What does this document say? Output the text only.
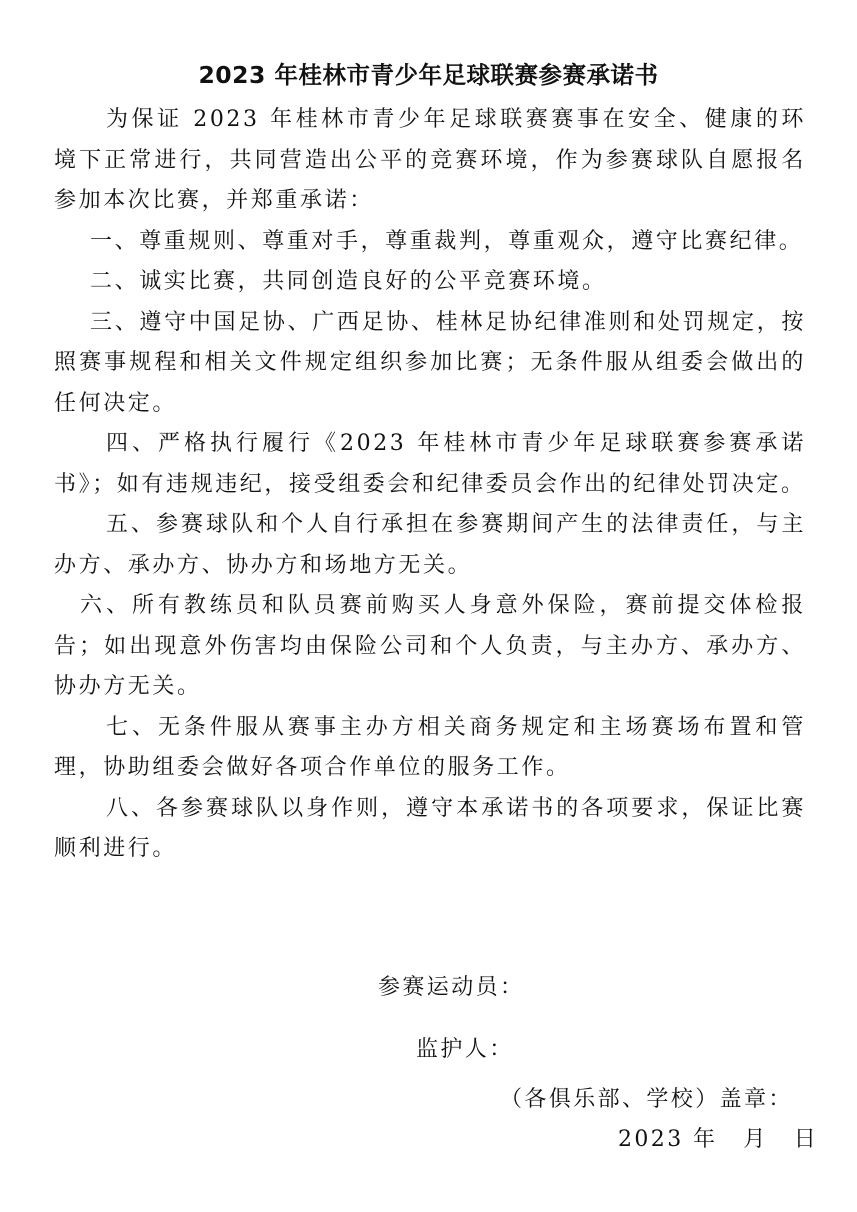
2023 年桂林市青少年足球联赛参赛承诺书

为保证 2023 年桂林市青少年足球联赛赛事在安全、健康的环境下正常进行，共同营造出公平的竞赛环境，作为参赛球队自愿报名参加本次比赛，并郑重承诺：

一、尊重规则、尊重对手，尊重裁判，尊重观众，遵守比赛纪律。

二、诚实比赛，共同创造良好的公平竞赛环境。

三、遵守中国足协、广西足协、桂林足协纪律准则和处罚规定，按照赛事规程和相关文件规定组织参加比赛；无条件服从组委会做出的任何决定。

四、严格执行履行《2023 年桂林市青少年足球联赛参赛承诺书》；如有违规违纪，接受组委会和纪律委员会作出的纪律处罚决定。

五、参赛球队和个人自行承担在参赛期间产生的法律责任，与主办方、承办方、协办方和场地方无关。

六、所有教练员和队员赛前购买人身意外保险，赛前提交体检报告；如出现意外伤害均由保险公司和个人负责，与主办方、承办方、协办方无关。

七、无条件服从赛事主办方相关商务规定和主场赛场布置和管理，协助组委会做好各项合作单位的服务工作。

八、各参赛球队以身作则，遵守本承诺书的各项要求，保证比赛顺利进行。

参赛运动员：
监护人：
（各俱乐部、学校）盖章：
2023 年 月 日
